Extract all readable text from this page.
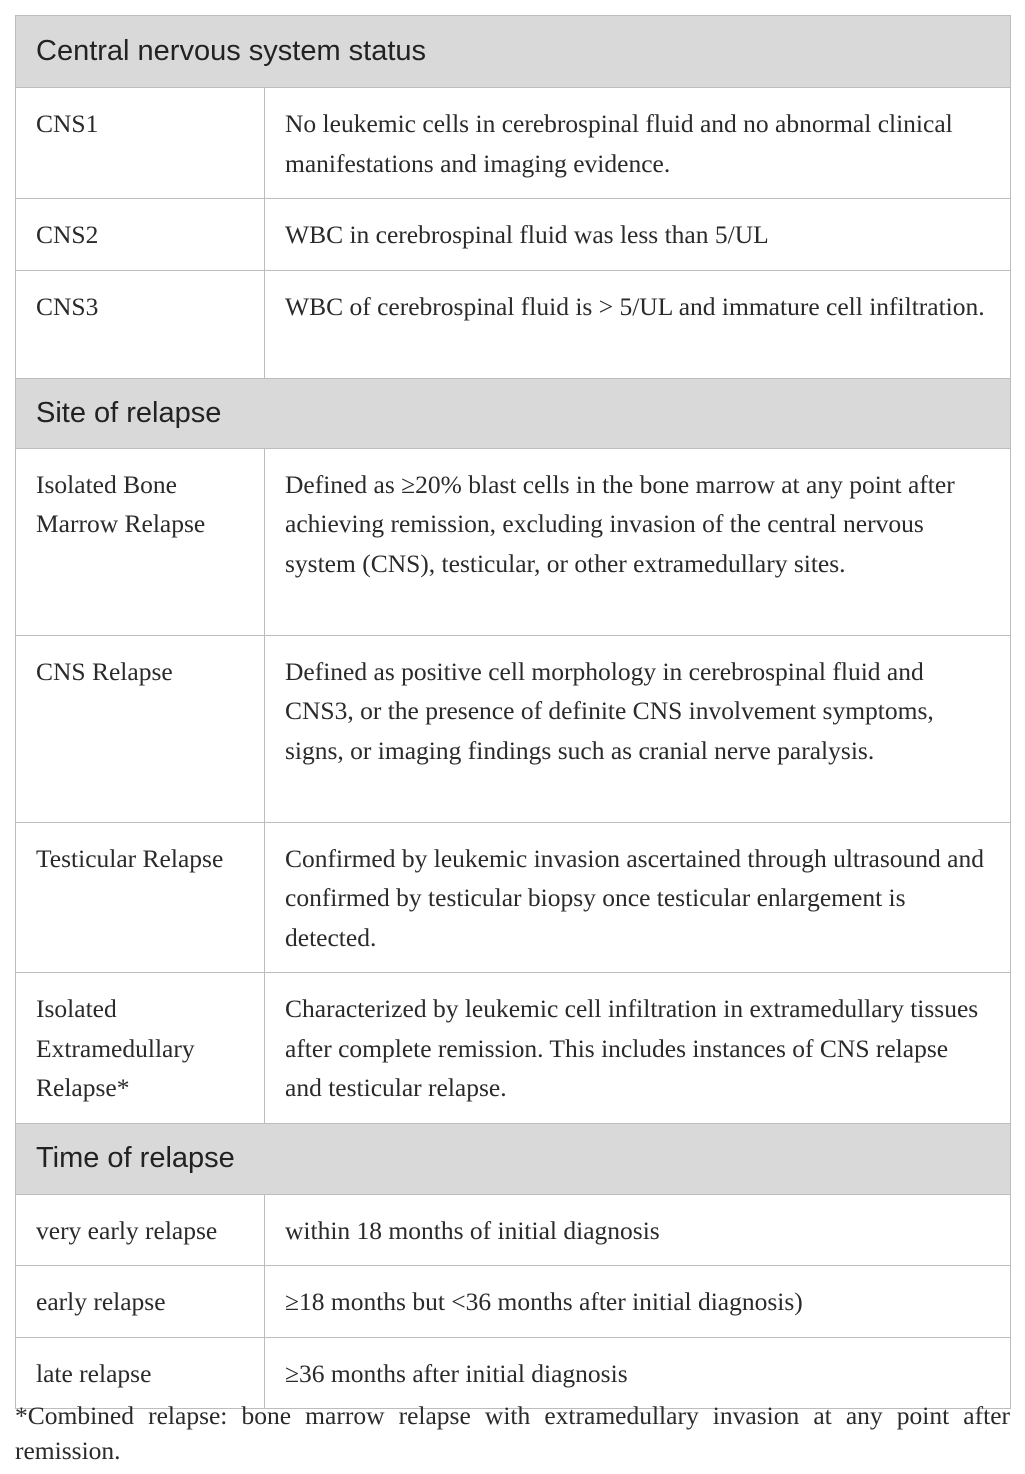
Central nervous system status	
CNS1	No leukemic cells in cerebrospinal fluid and no abnormal clinical manifestations and imaging evidence.
CNS2	WBC in cerebrospinal fluid was less than 5/UL
CNS3	WBC of cerebrospinal fluid is > 5/UL and immature cell infiltration.
Site of relapse	
Isolated Bone Marrow Relapse	Defined as ≥20% blast cells in the bone marrow at any point after achieving remission, excluding invasion of the central nervous system (CNS), testicular, or other extramedullary sites.
CNS Relapse	Defined as positive cell morphology in cerebrospinal fluid and CNS3, or the presence of definite CNS involvement symptoms, signs, or imaging findings such as cranial nerve paralysis.
Testicular Relapse	Confirmed by leukemic invasion ascertained through ultrasound and confirmed by testicular biopsy once testicular enlargement is detected.
Isolated Extramedullary Relapse*	Characterized by leukemic cell infiltration in extramedullary tissues after complete remission. This includes instances of CNS relapse and testicular relapse.
Time of relapse	
very early relapse	within 18 months of initial diagnosis
early relapse	≥18 months but <36 months after initial diagnosis)
late relapse	≥36 months after initial diagnosis
*Combined relapse: bone marrow relapse with extramedullary invasion at any point after remission.
